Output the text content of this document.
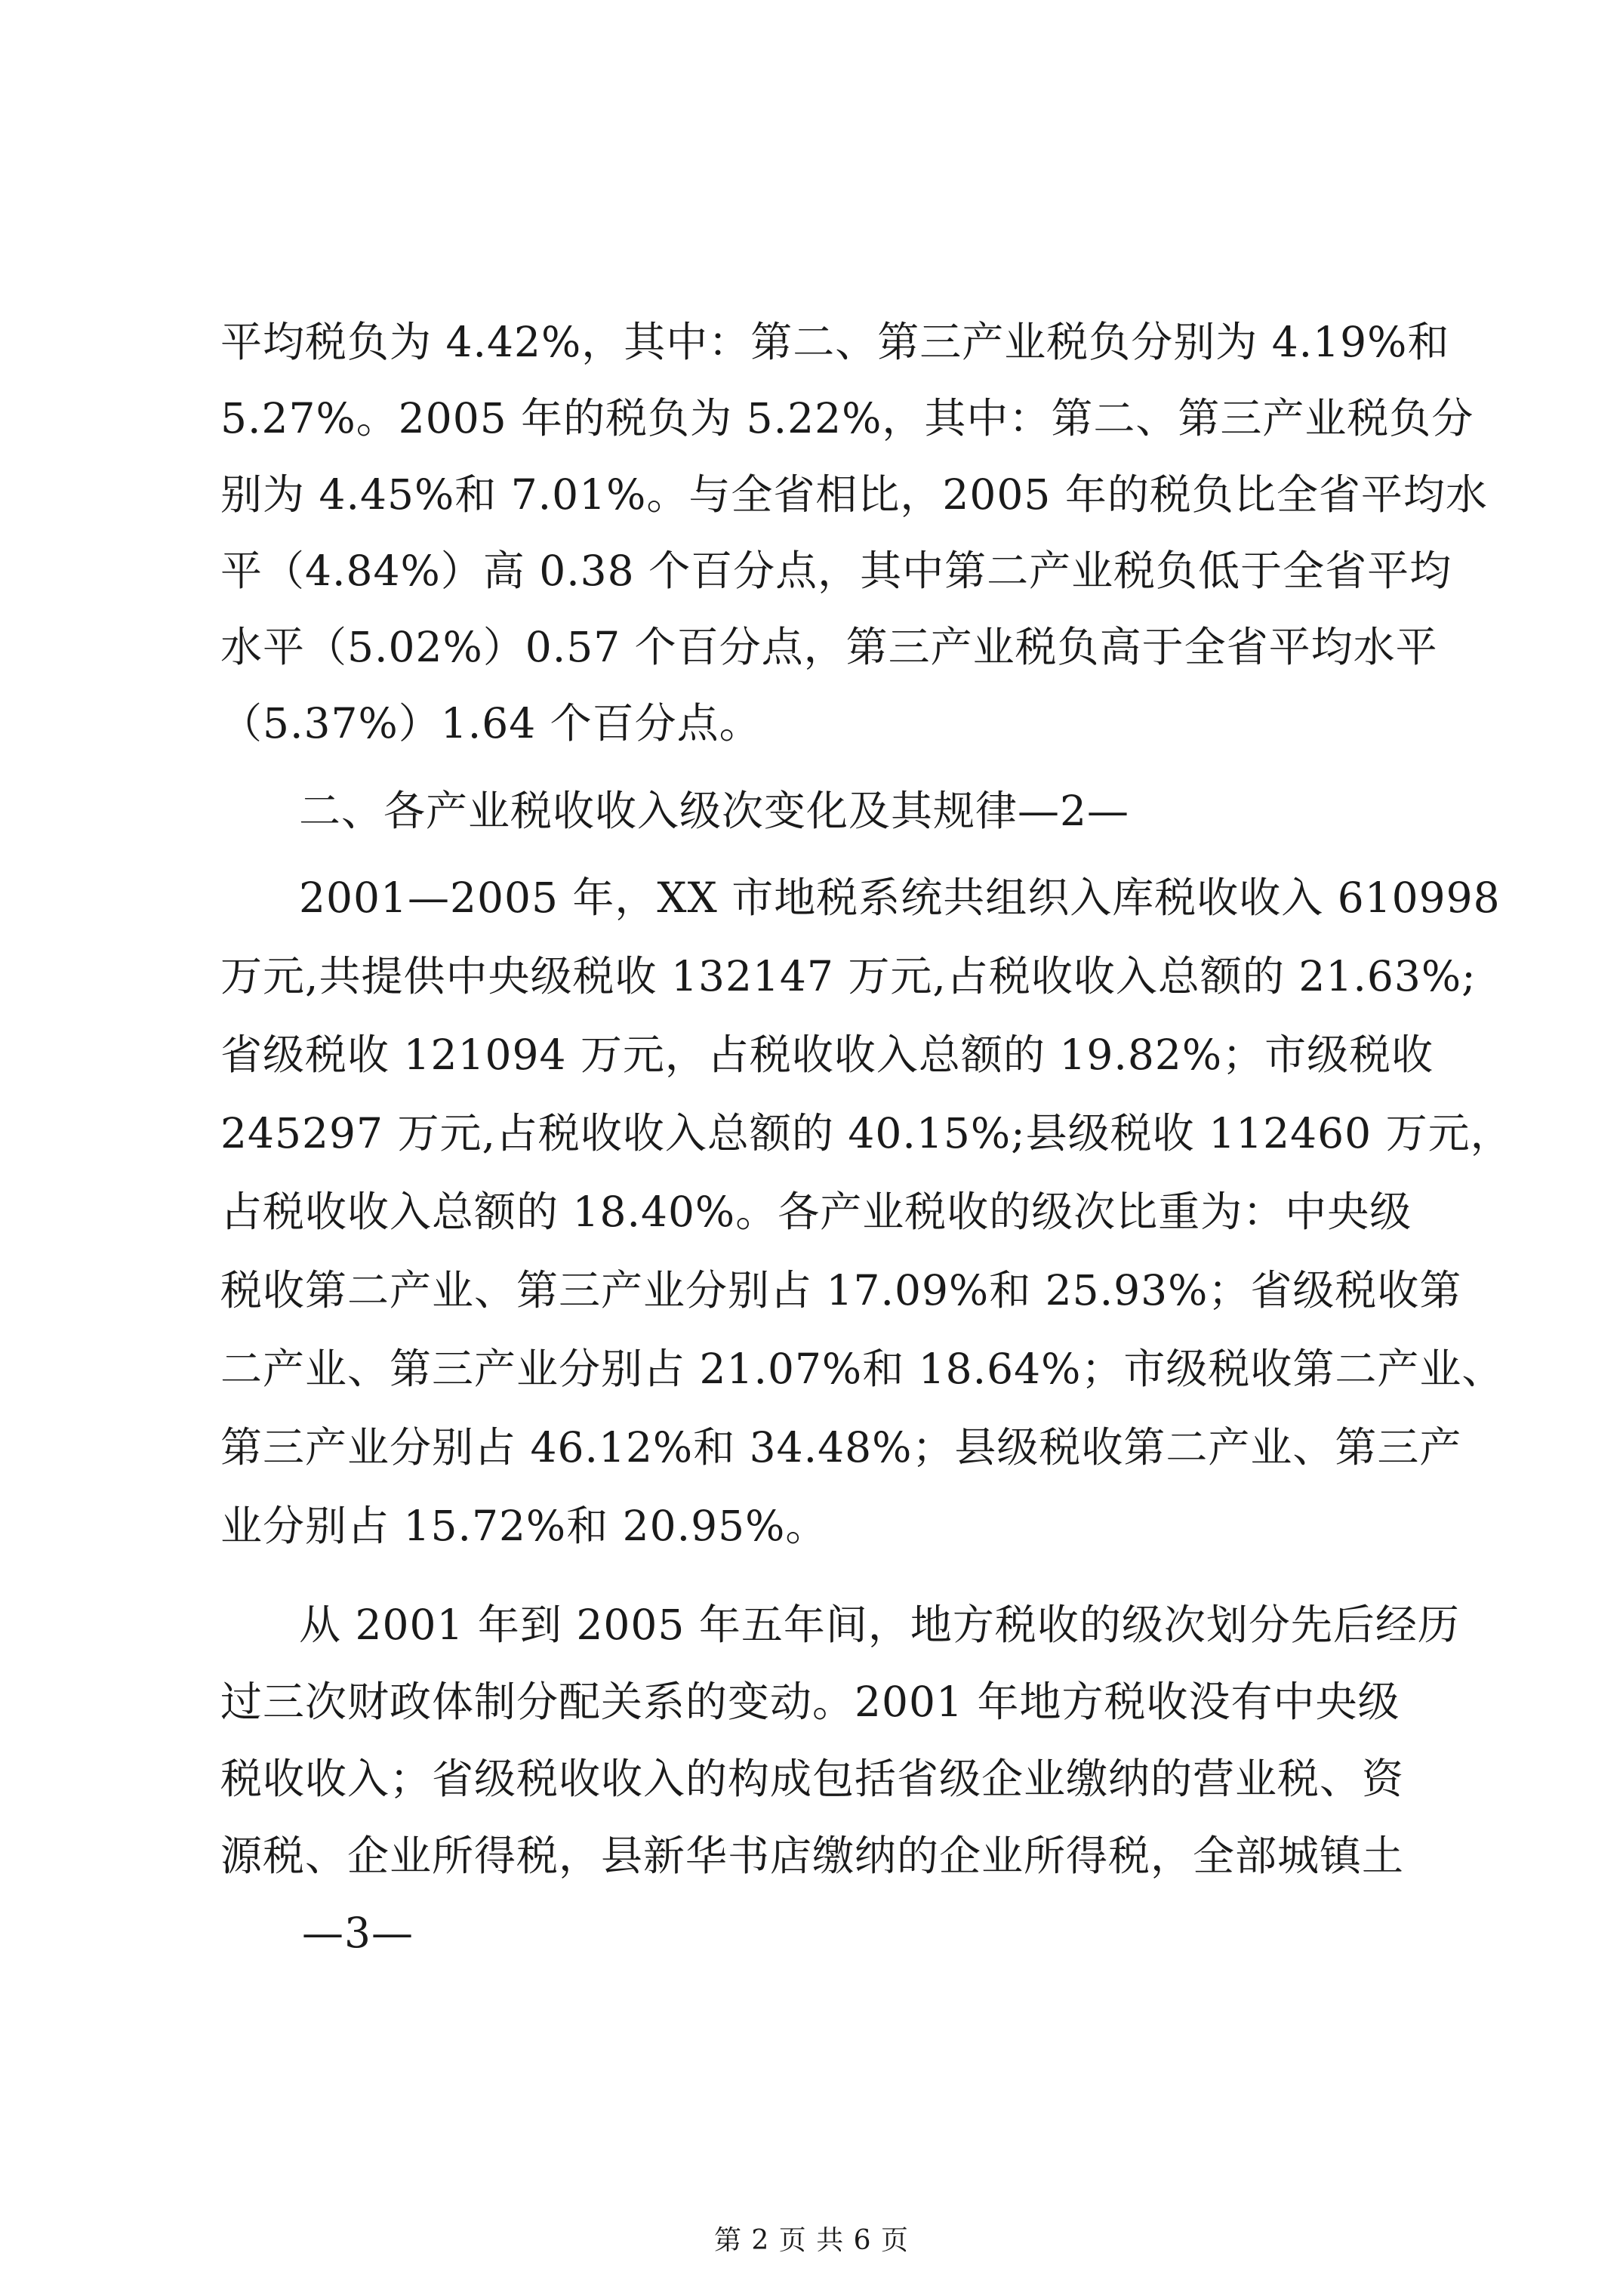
平均税负为 4.42%，其中：第二、第三产业税负分别为 4.19%和

5.27%。2005 年的税负为 5.22%，其中：第二、第三产业税负分

别为 4.45%和 7.01%。与全省相比，2005 年的税负比全省平均水

平（4.84%）高 0.38 个百分点，其中第二产业税负低于全省平均

水平（5.02%）0.57 个百分点，第三产业税负高于全省平均水平

（5.37%）1.64 个百分点。

二、各产业税收收入级次变化及其规律—2—

2001—2005 年，XX 市地税系统共组织入库税收收入 610998

万元,共提供中央级税收 132147 万元,占税收收入总额的 21.63%;

省级税收 121094 万元，占税收收入总额的 19.82%；市级税收

245297 万元,占税收收入总额的 40.15%;县级税收 112460 万元，

占税收收入总额的 18.40%。各产业税收的级次比重为：中央级

税收第二产业、第三产业分别占 17.09%和 25.93%；省级税收第

二产业、第三产业分别占 21.07%和 18.64%；市级税收第二产业、

第三产业分别占 46.12%和 34.48%；县级税收第二产业、第三产

业分别占 15.72%和 20.95%。

从 2001 年到 2005 年五年间，地方税收的级次划分先后经历

过三次财政体制分配关系的变动。2001 年地方税收没有中央级

税收收入；省级税收收入的构成包括省级企业缴纳的营业税、资

源税、企业所得税，县新华书店缴纳的企业所得税，全部城镇土

—3—

第 2 页 共 6 页
